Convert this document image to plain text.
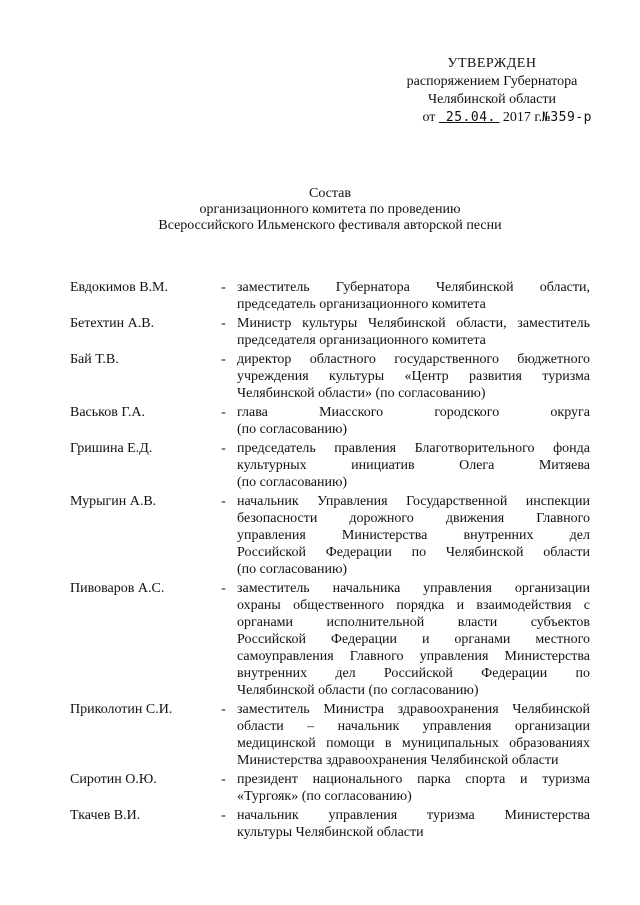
УТВЕРЖДЕН
распоряжением Губернатора
Челябинской области
от 25.04. 2017 г.№359-р
Состав
организационного комитета по проведению
Всероссийского Ильменского фестиваля авторской песни
Евдокимов В.М.	- заместитель Губернатора Челябинской области,
председатель организационного комитета
Бетехтин А.В.	- Министр культуры Челябинской области, заместитель
председателя организационного комитета
Бай Т.В.	- директор областного государственного бюджетного
учреждения культуры «Центр развития туризма
Челябинской области» (по согласованию)
Васьков Г.А.	- глава Миасского городского округа
(по согласованию)
Гришина Е.Д.	- председатель правления Благотворительного фонда
культурных инициатив Олега Митяева
(по согласованию)
Мурыгин А.В.	- начальник Управления Государственной инспекции
безопасности дорожного движения Главного
управления Министерства внутренних дел
Российской Федерации по Челябинской области
(по согласованию)
Пивоваров А.С.	- заместитель начальника управления организации
охраны общественного порядка и взаимодействия с
органами исполнительной власти субъектов
Российской Федерации и органами местного
самоуправления Главного управления Министерства
внутренних дел Российской Федерации по
Челябинской области (по согласованию)
Приколотин С.И.	- заместитель Министра здравоохранения Челябинской
области – начальник управления организации
медицинской помощи в муниципальных образованиях
Министерства здравоохранения Челябинской области
Сиротин О.Ю.	- президент национального парка спорта и туризма
«Тургояк» (по согласованию)
Ткачев В.И.	- начальник управления туризма Министерства
культуры Челябинской области
